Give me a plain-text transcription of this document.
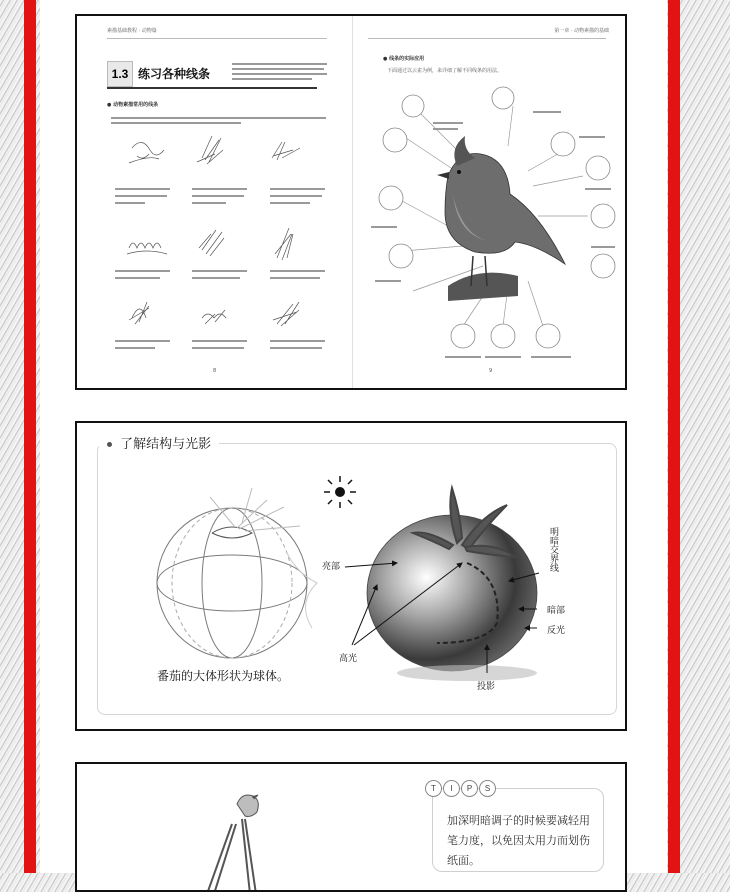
素描基础教程 · 动物篇
1.3 练习各种线条
● 动物素描常用的线条
8
第一章 · 动物素描的基础
● 线条的实际应用
下面通过以云雀为例，来详细了解不同线条的用法。
9
了解结构与光影
番茄的大体形状为球体。
亮部
高光
明暗交界线
暗部
反光
投影
T	I	P	S
加深明暗调子的时候要减轻用笔力度，以免因太用力而划伤纸面。
